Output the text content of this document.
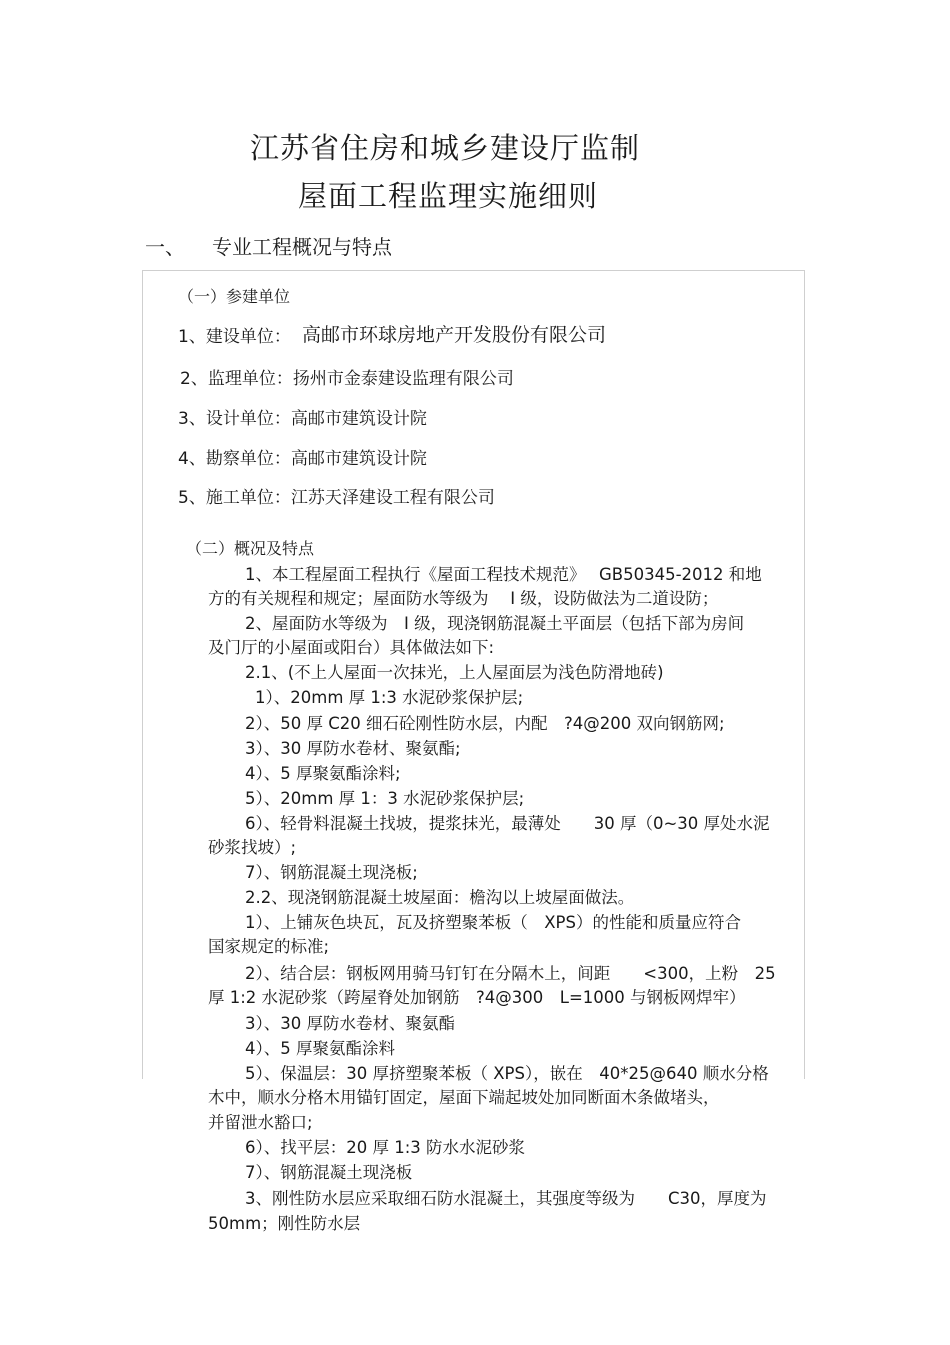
江苏省住房和城乡建设厅监制
屋面工程监理实施细则
一、 专业工程概况与特点
（一）参建单位
1、建设单位： 高邮市环球房地产开发股份有限公司
2、监理单位：扬州市金泰建设监理有限公司
3、设计单位：高邮市建筑设计院
4、勘察单位：高邮市建筑设计院
5、施工单位：江苏天泽建设工程有限公司
（二）概况及特点
1、本工程屋面工程执行《屋面工程技术规范》　 GB50345-2012 和地
方的有关规程和规定；屋面防水等级为　 I 级，设防做法为二道设防；
2、屋面防水等级为　I 级，现浇钢筋混凝土平面层（包括下部为房间
及门厅的小屋面或阳台）具体做法如下:
2.1、(不上人屋面一次抹光，上人屋面层为浅色防滑地砖)
1）、20mm 厚 1:3 水泥砂浆保护层;
2）、50 厚 C20 细石砼刚性防水层，内配　?4@200 双向钢筋网;
3）、30 厚防水卷材、聚氨酯;
4）、5 厚聚氨酯涂料;
5）、20mm 厚 1：3 水泥砂浆保护层;
6）、轻骨料混凝土找坡，提浆抹光，最薄处　　30 厚（0~30 厚处水泥
砂浆找坡）;
7）、钢筋混凝土现浇板;
2.2、现浇钢筋混凝土坡屋面：檐沟以上坡屋面做法。
1）、上铺灰色块瓦，瓦及挤塑聚苯板（　XPS）的性能和质量应符合
国家规定的标准;
2）、结合层：钢板网用骑马钉钉在分隔木上，间距　　<300，上粉　25
厚 1:2 水泥砂浆（跨屋脊处加钢筋　?4@300　L=1000 与钢板网焊牢）
3）、30 厚防水卷材、聚氨酯
4）、5 厚聚氨酯涂料
5）、保温层：30 厚挤塑聚苯板（ XPS），嵌在　40*25@640 顺水分格
木中，顺水分格木用锚钉固定，屋面下端起坡处加同断面木条做堵头，
并留泄水豁口;
6）、找平层：20 厚 1:3 防水水泥砂浆
7）、钢筋混凝土现浇板
3、刚性防水层应采取细石防水混凝土，其强度等级为　　C30，厚度为
50mm；刚性防水层
